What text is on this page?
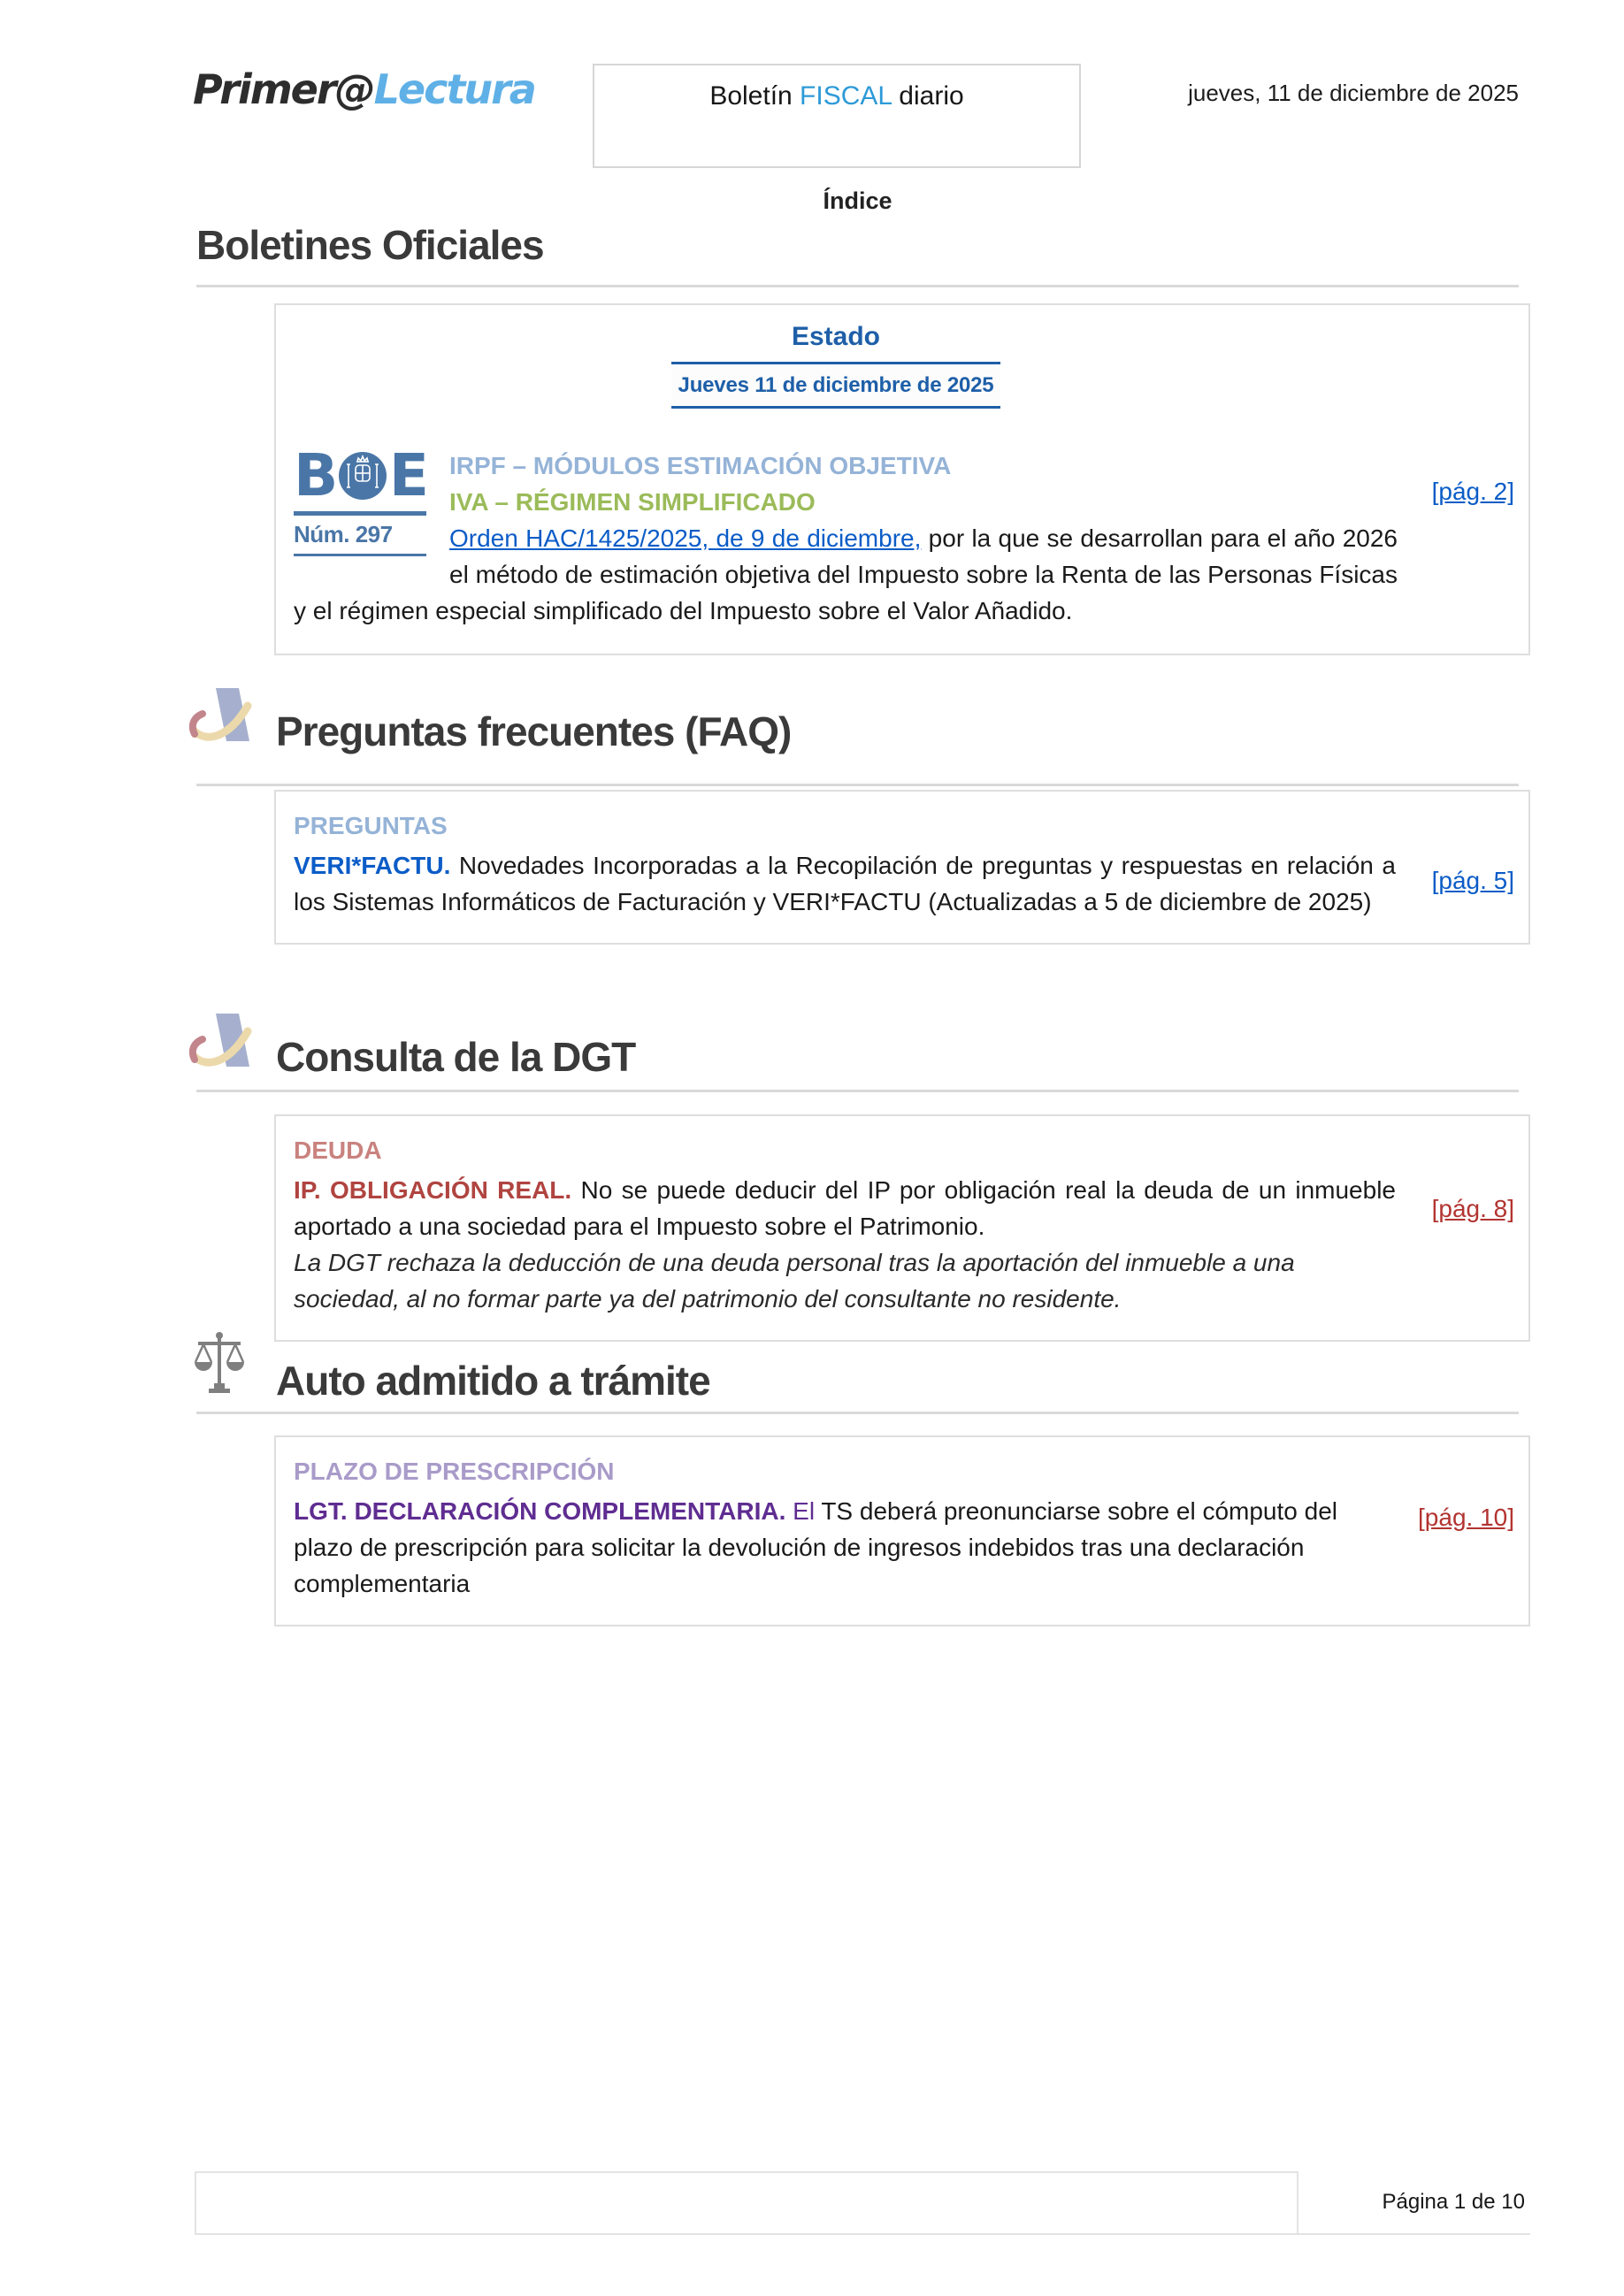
Primer@Lectura	Boletín FISCAL diario	jueves, 11 de diciembre de 2025
Índice
Boletines Oficiales
Estado
Jueves 11 de diciembre de 2025
B E
Núm. 297
IRPF – MÓDULOS ESTIMACIÓN OBJETIVA
IVA – RÉGIMEN SIMPLIFICADO

Orden HAC/1425/2025, de 9 de diciembre, por la que se desarrollan para el año 2026 el método de estimación objetiva del Impuesto sobre la Renta de las Personas Físicas y el régimen especial simplificado del Impuesto sobre el Valor Añadido.

[pág. 2]
Preguntas frecuentes (FAQ)
PREGUNTAS

VERI*FACTU. Novedades Incorporadas a la Recopilación de preguntas y respuestas en relación a los Sistemas Informáticos de Facturación y VERI*FACTU (Actualizadas a 5 de diciembre de 2025)

[pág. 5]
Consulta de la DGT
DEUDA

IP. OBLIGACIÓN REAL. No se puede deducir del IP por obligación real la deuda de un inmueble aportado a una sociedad para el Impuesto sobre el Patrimonio.

La DGT rechaza la deducción de una deuda personal tras la aportación del inmueble a una sociedad, al no formar parte ya del patrimonio del consultante no residente.

[pág. 8]
Auto admitido a trámite
PLAZO DE PRESCRIPCIÓN

LGT. DECLARACIÓN COMPLEMENTARIA. El TS deberá preonunciarse sobre el cómputo del plazo de prescripción para solicitar la devolución de ingresos indebidos tras una declaración complementaria

[pág. 10]
Página 1 de 10
